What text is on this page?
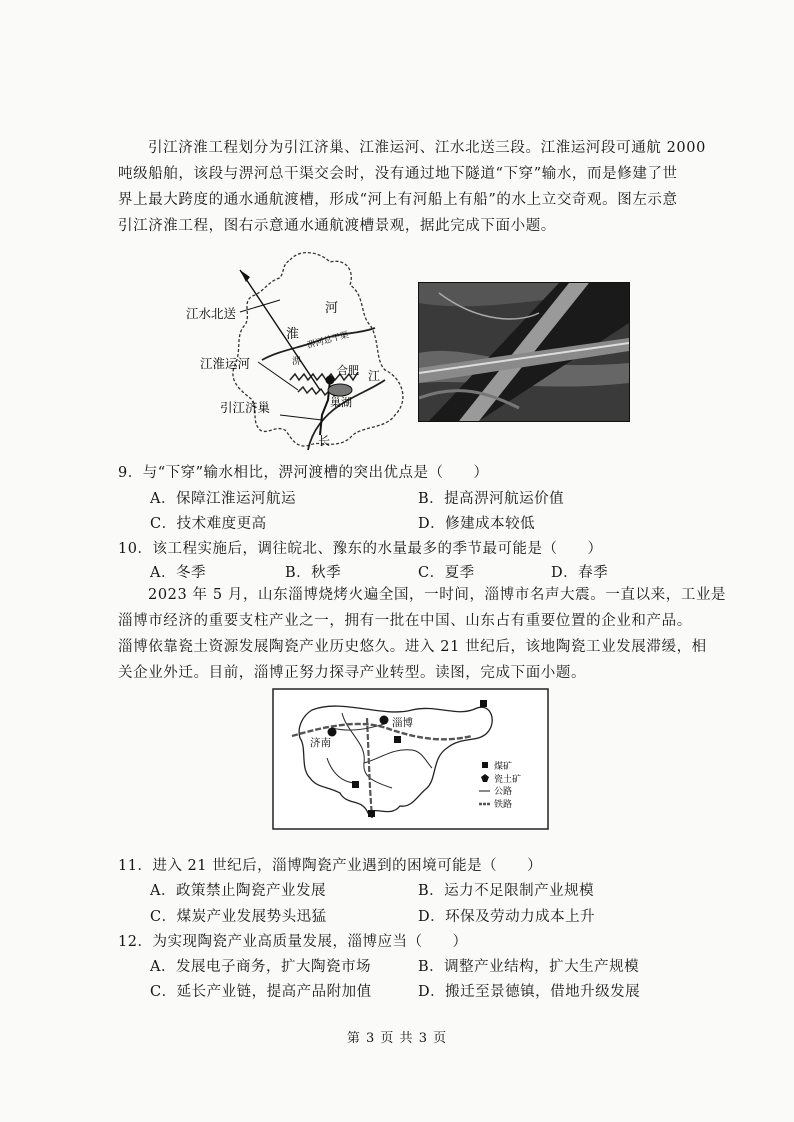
引江济淮工程划分为引江济巢、江淮运河、江水北送三段。江淮运河段可通航 2000
吨级船舶，该段与淠河总干渠交会时，没有通过地下隧道“下穿”输水，而是修建了世
界上最大跨度的通水通航渡槽，形成“河上有河船上有船”的水上立交奇观。图左示意
引江济淮工程，图右示意通水通航渡槽景观，据此完成下面小题。
江水北送
江淮运河
引江济巢
河
淮 淠河总干渠
淠
合肥
巢湖
江
长
9．与“下穿”输水相比，淠河渡槽的突出优点是（　　）
A．保障江淮运河航运	B．提高淠河航运价值
C．技术难度更高	D．修建成本较低
10．该工程实施后，调往皖北、豫东的水量最多的季节最可能是（　　）
A．冬季	B．秋季	C．夏季	D．春季
2023 年 5 月，山东淄博烧烤火遍全国，一时间，淄博市名声大震。一直以来，工业是
淄博市经济的重要支柱产业之一，拥有一批在中国、山东占有重要位置的企业和产品。
淄博依靠瓷土资源发展陶瓷产业历史悠久。进入 21 世纪后，该地陶瓷工业发展滞缓，相
关企业外迁。目前，淄博正努力探寻产业转型。读图，完成下面小题。
济南
淄博
煤矿
瓷土矿
公路
铁路
11．进入 21 世纪后，淄博陶瓷产业遇到的困境可能是（　　）
A．政策禁止陶瓷产业发展	B．运力不足限制产业规模
C．煤炭产业发展势头迅猛	D．环保及劳动力成本上升
12．为实现陶瓷产业高质量发展，淄博应当（　　）
A．发展电子商务，扩大陶瓷市场	B．调整产业结构，扩大生产规模
C．延长产业链，提高产品附加值	D．搬迁至景德镇，借地升级发展
第 3 页 共 3 页
